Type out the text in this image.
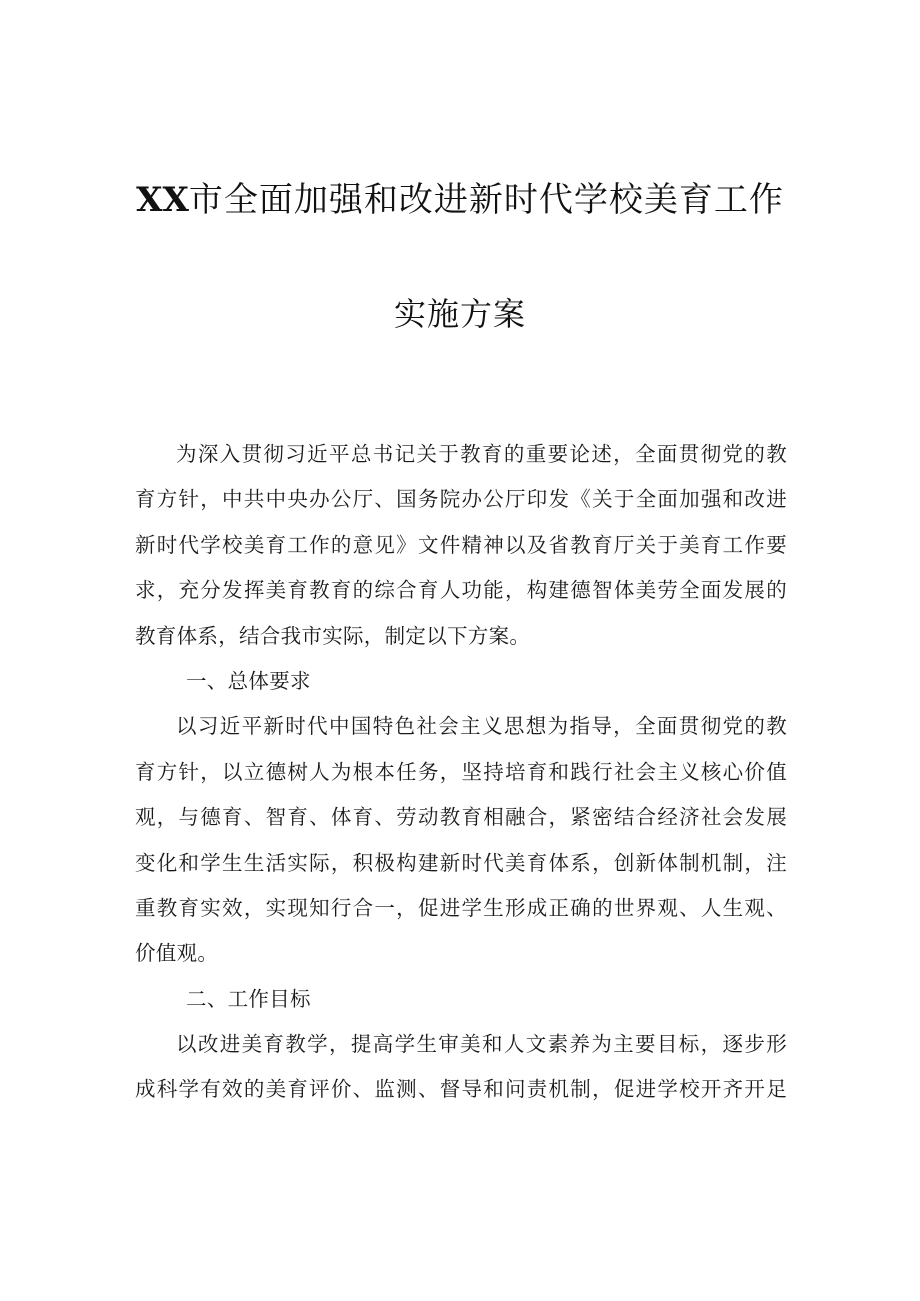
XX市全面加强和改进新时代学校美育工作
实施方案
为深入贯彻习近平总书记关于教育的重要论述，全面贯彻党的教
育方针，中共中央办公厅、国务院办公厅印发《关于全面加强和改进
新时代学校美育工作的意见》文件精神以及省教育厅关于美育工作要
求，充分发挥美育教育的综合育人功能，构建德智体美劳全面发展的
教育体系，结合我市实际，制定以下方案。
一、总体要求
以习近平新时代中国特色社会主义思想为指导，全面贯彻党的教
育方针，以立德树人为根本任务，坚持培育和践行社会主义核心价值
观，与德育、智育、体育、劳动教育相融合，紧密结合经济社会发展
变化和学生生活实际，积极构建新时代美育体系，创新体制机制，注
重教育实效，实现知行合一，促进学生形成正确的世界观、人生观、
价值观。
二、工作目标
以改进美育教学，提高学生审美和人文素养为主要目标，逐步形
成科学有效的美育评价、监测、督导和问责机制，促进学校开齐开足
